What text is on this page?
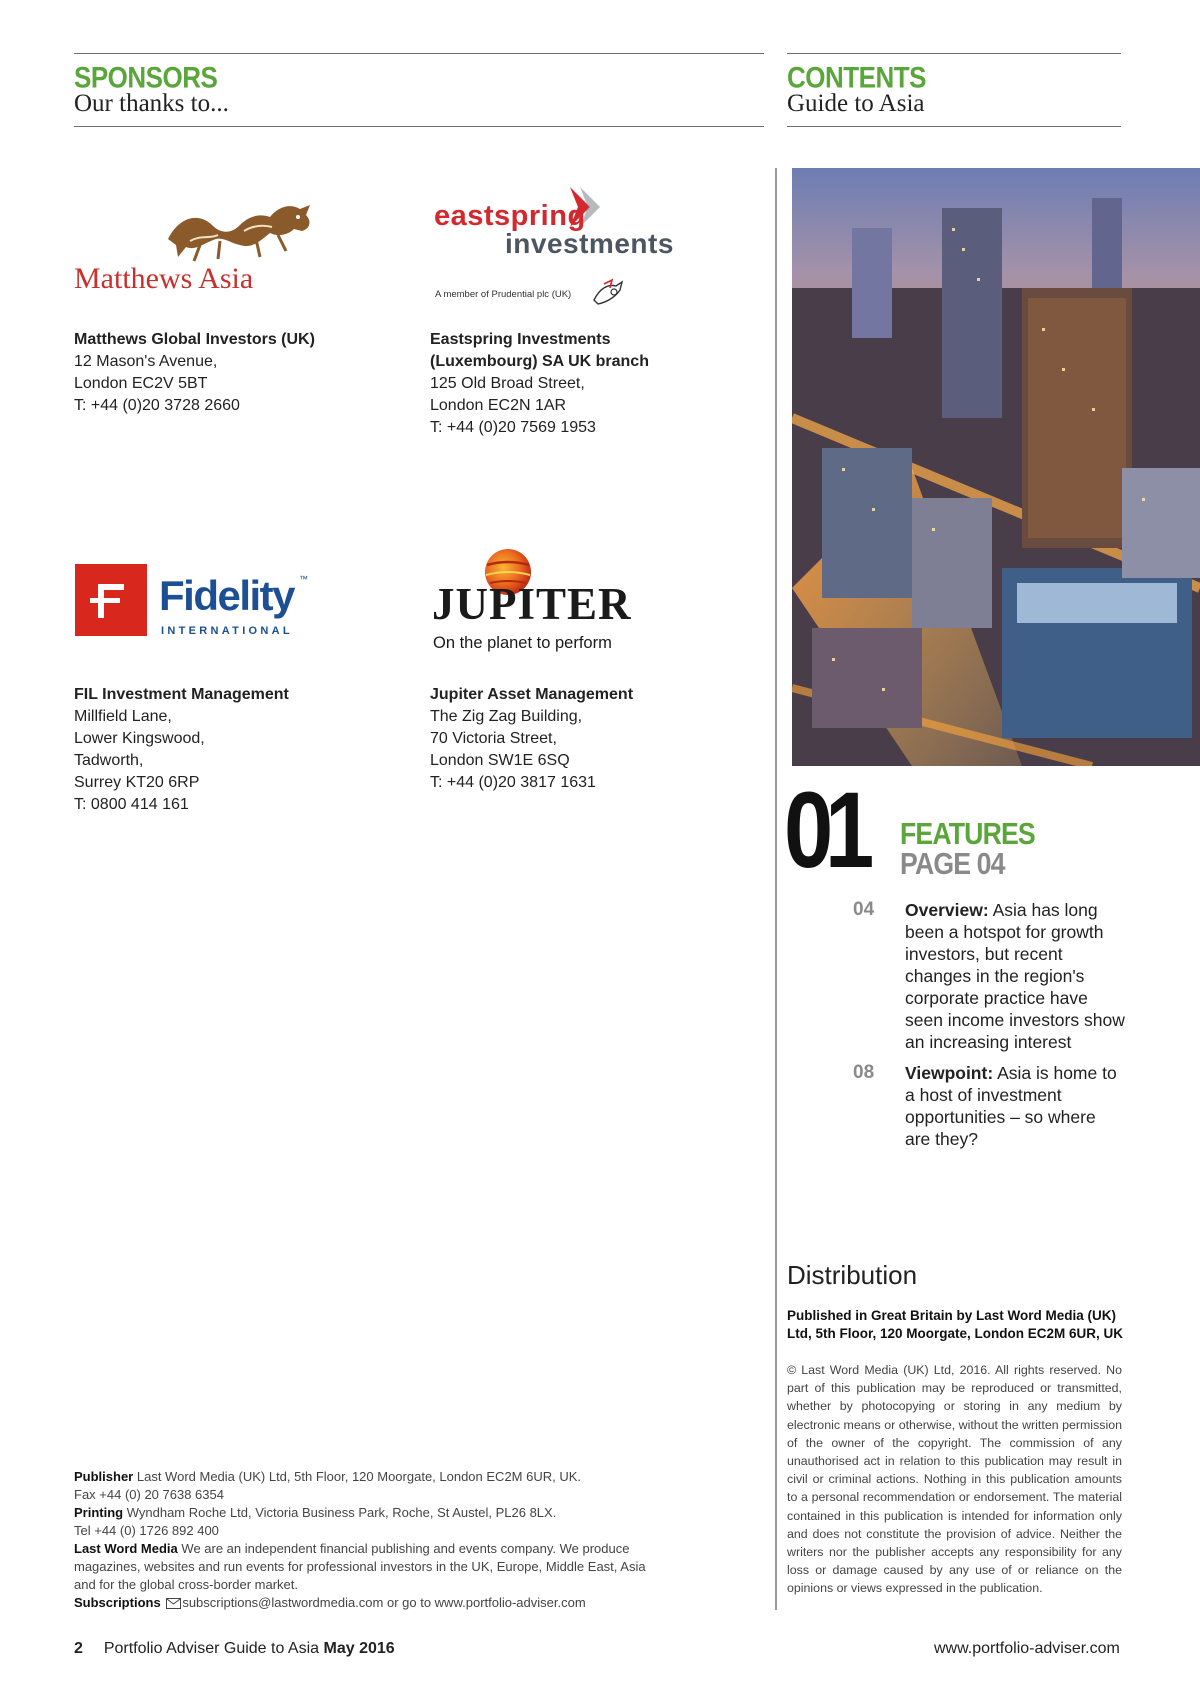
SPONSORS
Our thanks to...
CONTENTS
Guide to Asia
Matthews Asia
Matthews Global Investors (UK)
12 Mason's Avenue,
London EC2V 5BT
T: +44 (0)20 3728 2660
eastspring
investments
A member of Prudential plc (UK)
Eastspring Investments
(Luxembourg) SA UK branch
125 Old Broad Street,
London EC2N 1AR
T: +44 (0)20 7569 1953
Fidelity ™
INTERNATIONAL
FIL Investment Management
Millfield Lane,
Lower Kingswood,
Tadworth,
Surrey KT20 6RP
T: 0800 414 161
JUPITER
On the planet to perform
Jupiter Asset Management
The Zig Zag Building,
70 Victoria Street,
London SW1E 6SQ
T: +44 (0)20 3817 1631	01 FEATURES
PAGE 04
04 Overview: Asia has long been a hotspot for growth investors, but recent changes in the region's corporate practice have seen income investors show an increasing interest
08 Viewpoint: Asia is home to a host of investment opportunities – so where are they?
Distribution
Published in Great Britain by Last Word Media (UK)
Ltd, 5th Floor, 120 Moorgate, London EC2M 6UR, UK
© Last Word Media (UK) Ltd, 2016. All rights reserved. No part of this publication may be reproduced or transmitted, whether by photocopying or storing in any medium by electronic means or otherwise, without the written permission of the owner of the copyright. The commission of any unauthorised act in relation to this publication may result in civil or criminal actions. Nothing in this publication amounts to a personal recommendation or endorsement. The material contained in this publication is intended for information only and does not constitute the provision of advice. Neither the writers nor the publisher accepts any responsibility for any loss or damage caused by any use of or reliance on the opinions or views expressed in the publication.
Publisher Last Word Media (UK) Ltd, 5th Floor, 120 Moorgate, London EC2M 6UR, UK.
Fax +44 (0) 20 7638 6354
Printing Wyndham Roche Ltd, Victoria Business Park, Roche, St Austel, PL26 8LX.
Tel +44 (0) 1726 892 400
Last Word Media We are an independent financial publishing and events company. We produce
magazines, websites and run events for professional investors in the UK, Europe, Middle East, Asia
and for the global cross-border market.
Subscriptions subscriptions@lastwordmedia.com or go to www.portfolio-adviser.com
2 Portfolio Adviser Guide to Asia May 2016	www.portfolio-adviser.com
